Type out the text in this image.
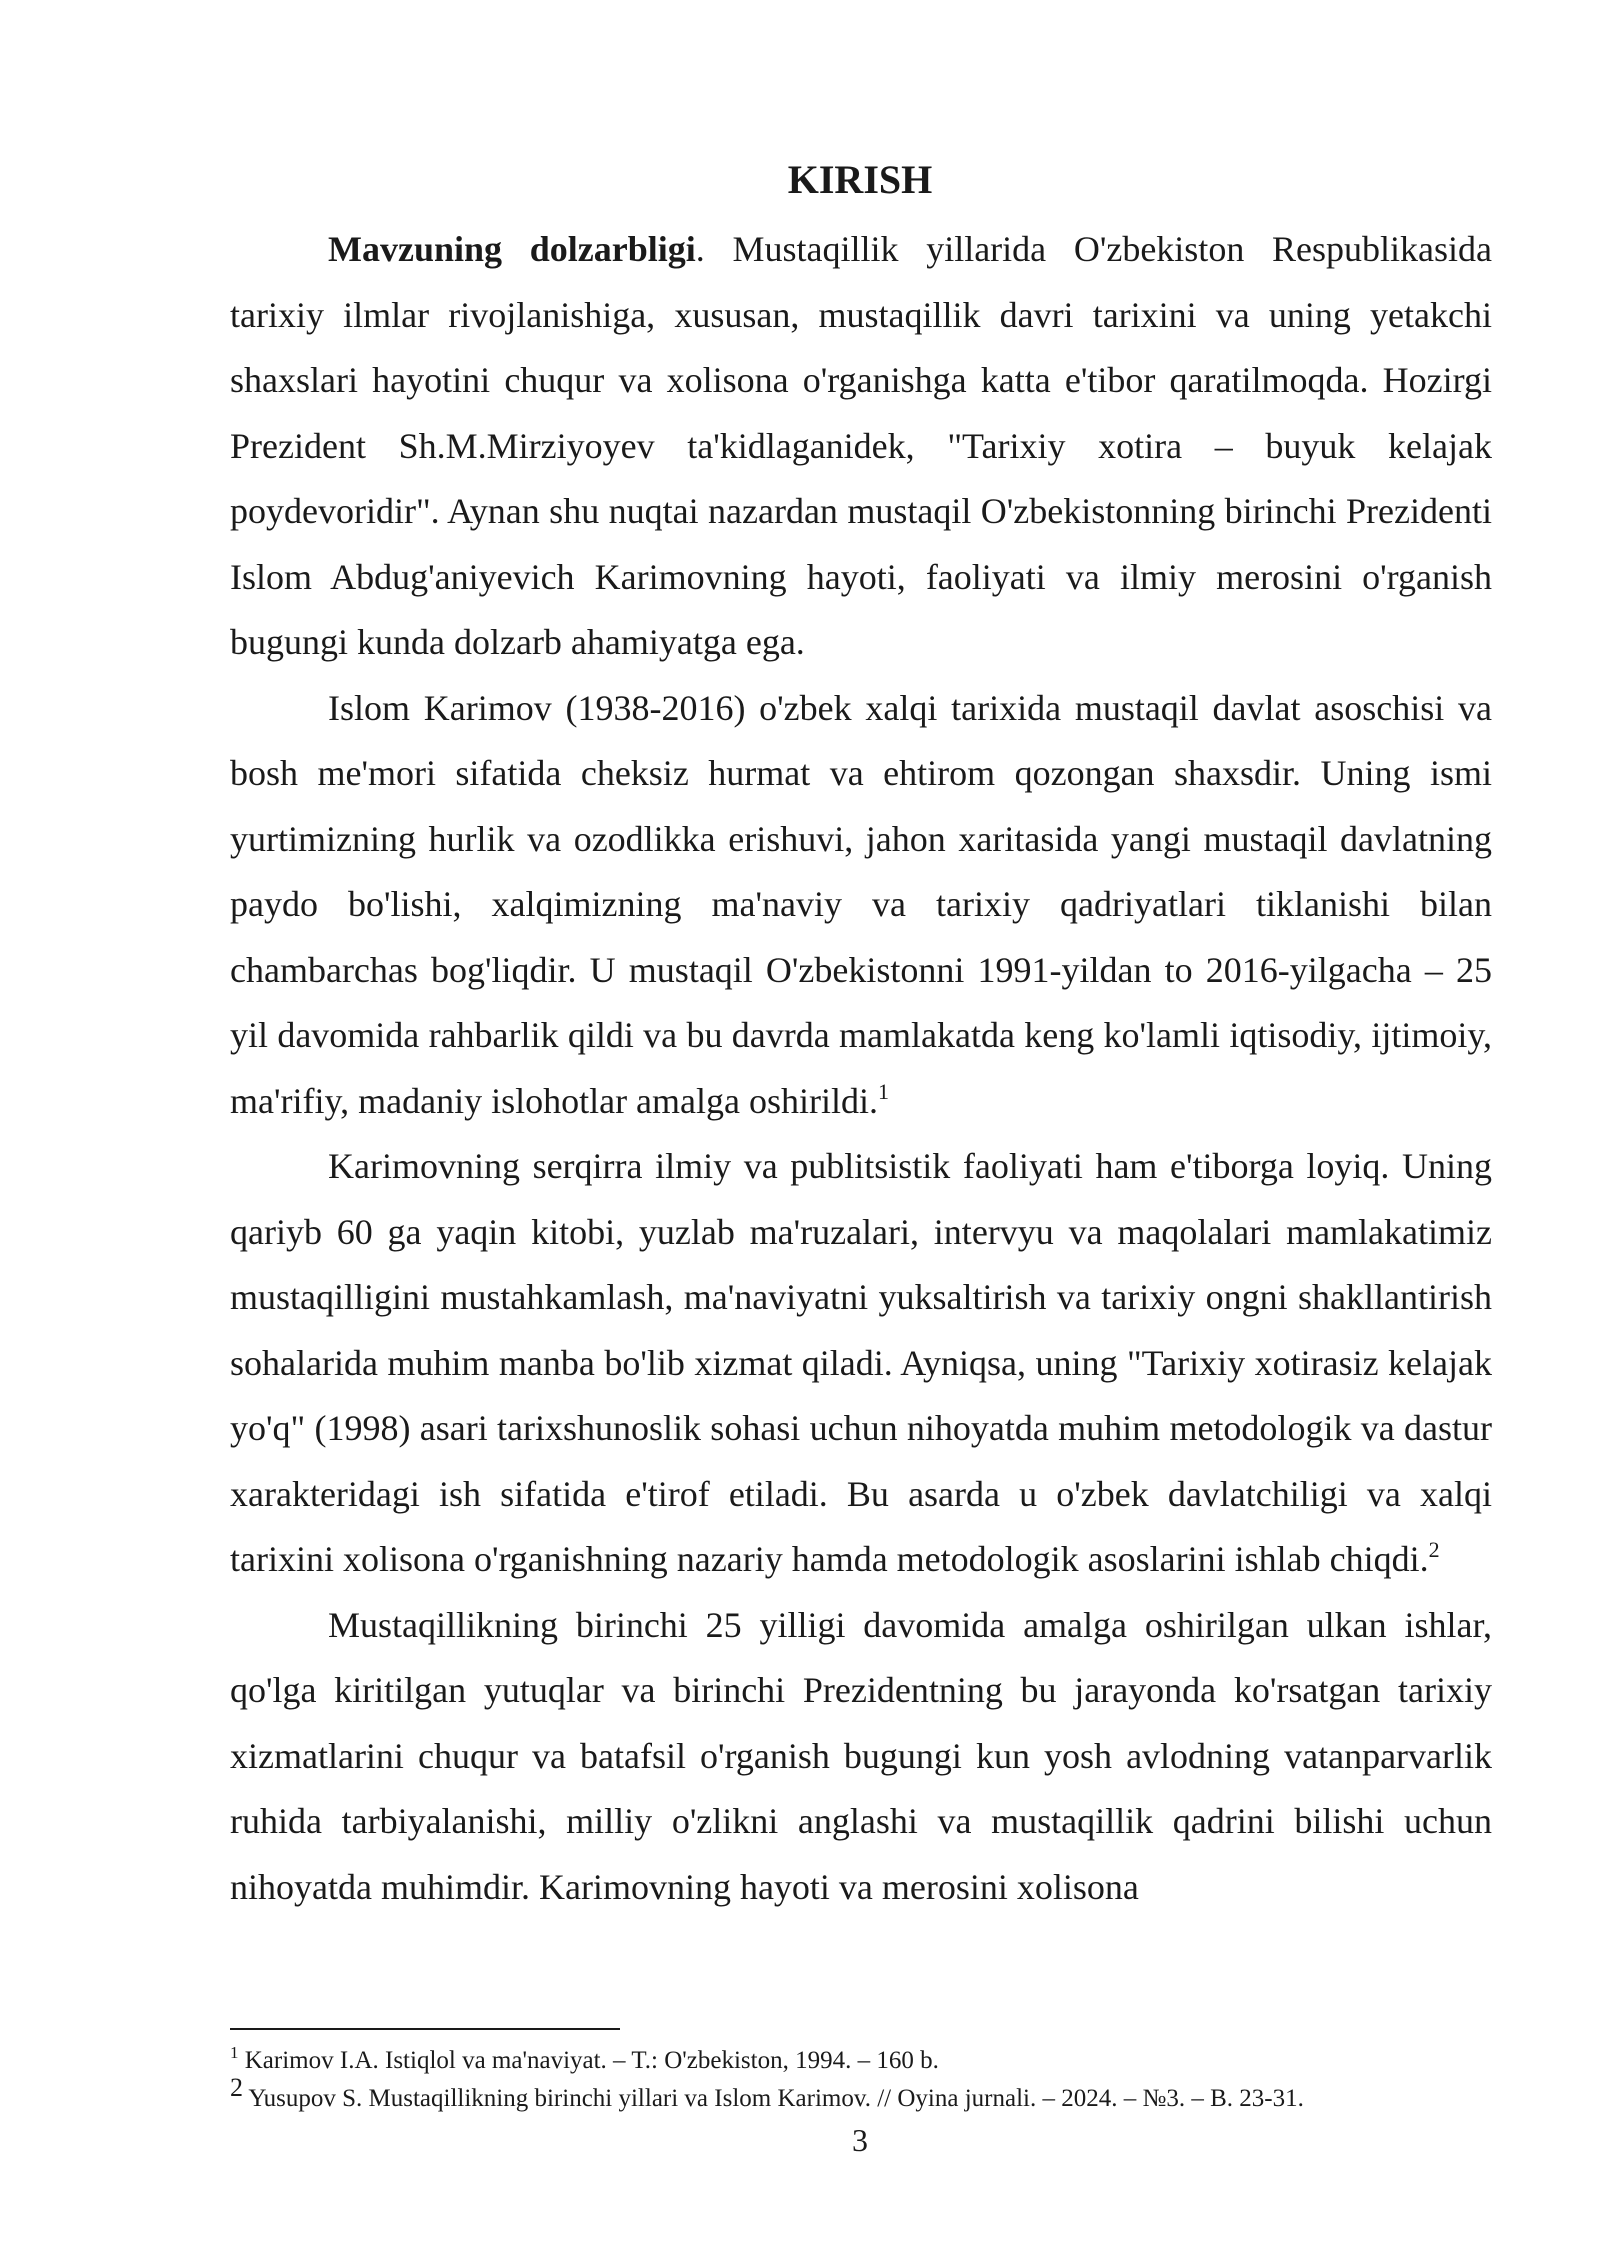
KIRISH

Mavzuning dolzarbligi. Mustaqillik yillarida O'zbekiston Respublikasida tarixiy ilmlar rivojlanishiga, xususan, mustaqillik davri tarixini va uning yetakchi shaxslari hayotini chuqur va xolisona o'rganishga katta e'tibor qaratilmoqda. Hozirgi Prezident Sh.M.Mirziyoyev ta'kidlaganidek, "Tarixiy xotira – buyuk kelajak poydevoridir". Aynan shu nuqtai nazardan mustaqil O'zbekistonning birinchi Prezidenti Islom Abdug'aniyevich Karimovning hayoti, faoliyati va ilmiy merosini o'rganish bugungi kunda dolzarb ahamiyatga ega.

Islom Karimov (1938-2016) o'zbek xalqi tarixida mustaqil davlat asoschisi va bosh me'mori sifatida cheksiz hurmat va ehtirom qozongan shaxsdir. Uning ismi yurtimizning hurlik va ozodlikka erishuvi, jahon xaritasida yangi mustaqil davlatning paydo bo'lishi, xalqimizning ma'naviy va tarixiy qadriyatlari tiklanishi bilan chambarchas bog'liqdir. U mustaqil O'zbekistonni 1991-yildan to 2016-yilgacha – 25 yil davomida rahbarlik qildi va bu davrda mamlakatda keng ko'lamli iqtisodiy, ijtimoiy, ma'rifiy, madaniy islohotlar amalga oshirildi.$^1$

Karimovning serqirra ilmiy va publitsistik faoliyati ham e'tiborga loyiq. Uning qariyb 60 ga yaqin kitobi, yuzlab ma'ruzalari, intervyu va maqolalari mamlakatimiz mustaqilligini mustahkamlash, ma'naviyatni yuksaltirish va tarixiy ongni shakllantirish sohalarida muhim manba bo'lib xizmat qiladi. Ayniqsa, uning "Tarixiy xotirasiz kelajak yo'q" (1998) asari tarixshunoslik sohasi uchun nihoyatda muhim metodologik va dastur xarakteridagi ish sifatida e'tirof etiladi. Bu asarda u o'zbek davlatchiligi va xalqi tarixini xolisona o'rganishning nazariy hamda metodologik asoslarini ishlab chiqdi.$^2$

Mustaqillikning birinchi 25 yilligi davomida amalga oshirilgan ulkan ishlar, qo'lga kiritilgan yutuqlar va birinchi Prezidentning bu jarayonda ko'rsatgan tarixiy xizmatlarini chuqur va batafsil o'rganish bugungi kun yosh avlodning vatanparvarlik ruhida tarbiyalanishi, milliy o'zlikni anglashi va mustaqillik qadrini bilishi uchun nihoyatda muhimdir. Karimovning hayoti va merosini xolisona

$^1$ Karimov I.A. Istiqlol va ma'naviyat. – T.: O'zbekiston, 1994. – 160 b.

2 Yusupov S. Mustaqillikning birinchi yillari va Islom Karimov. // Oyina jurnali. – 2024. – №3. – B. 23-31.

3
